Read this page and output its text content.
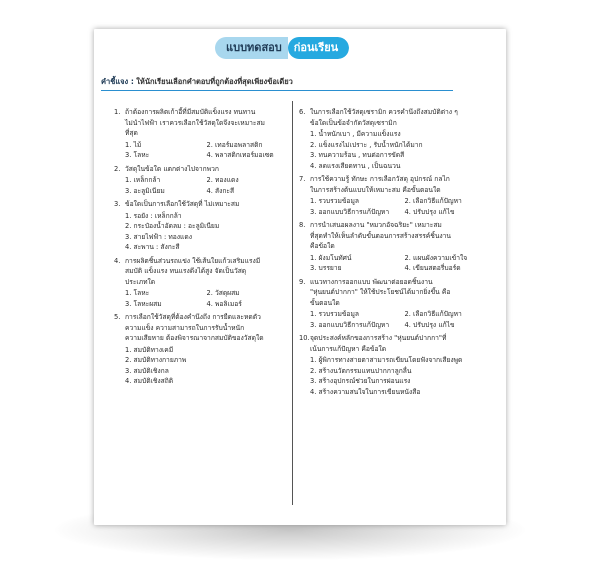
แบบทดสอบ	ก่อนเรียน
คำชี้แจง : ให้นักเรียนเลือกคำตอบที่ถูกต้องที่สุดเพียงข้อเดียว
1. ถ้าต้องการผลิตเก้าอี้ที่มีสมบัติแข็งแรง ทนทาน
ไม่นำไฟฟ้า เราควรเลือกใช้วัสดุใดจึงจะเหมาะสม
ที่สุด
1. ไม้	2. เทอร์มอพลาสติก
3. โลหะ	4. พลาสติกเทอร์มอเซต
2. วัสดุในข้อใด แตกต่างไปจากพวก
1. เหล็กกล้า	2. ทองแดง
3. อะลูมิเนียม	4. สังกะสี
3. ข้อใดเป็นการเลือกใช้วัสดุที่ ไม่เหมาะสม
1. รอยัง : เหล็กกล้า
2. กระป๋องน้ำอัดลม : อะลูมิเนียม
3. สายไฟฟ้า : ทองแดง
4. สะพาน : สังกะสี
4. การผลิตชิ้นส่วนรถแข่ง ใช้เส้นใยแก้วเสริมแรงมี
สมบัติ แข็งแรง ทนแรงดึงได้สูง จัดเป็นวัสดุ
ประเภทใด
1. โลหะ	2. วัสดุผสม
3. โลหะผสม	4. พอลิเมอร์
5. การเลือกใช้วัสดุที่ต้องคำนึงถึง การยืดและหดตัว
ความแข็ง ความสามารถในการรับน้ำหนัก
ความเสียหาย ต้องพิจารณาจากสมบัติของวัสดุใด
1. สมบัติทางเคมี
2. สมบัติทางกายภาพ
3. สมบัติเชิงกล
4. สมบัติเชิงสถิติ
6. ในการเลือกใช้วัสดุเซรามิก ควรคำนึงถึงสมบัติต่าง ๆ
ข้อใดเป็นข้อจำกัดวัสดุเซรามิก
1. น้ำหนักเบา , มีความแข็งแรง
2. แข็งแรงไม่เปราะ , รับน้ำหนักได้มาก
3. ทนความร้อน , ทนต่อการขัดสี
4. ลดแรงเสียดทาน , เป็นฉนวน
7. การใช้ความรู้ ทักษะ การเลือกวัสดุ อุปกรณ์ กลไก
ในการสร้างต้นแบบให้เหมาะสม คือขั้นตอนใด
1. รวบรวมข้อมูล	2. เลือกวิธีแก้ปัญหา
3. ออกแบบวิธีการแก้ปัญหา	4. ปรับปรุง แก้ไข
8. การนำเสนอผลงาน "หมวกอัจฉริยะ" เหมาะสม
ที่สุดทำให้เห็นลำดับขั้นตอนการสร้างสรรค์ชิ้นงาน
คือข้อใด
1. ผังมโนทัศน์	2. แผนผังความเข้าใจ
3. บรรยาย	4. เขียนสตอรี่บอร์ด
9. แนวทางการออกแบบ พัฒนาต่อยอดชิ้นงาน
"หุ่นยนต์ปากกา" ให้ใช้ประโยชน์ได้มากยิ่งขึ้น คือ
ขั้นตอนใด
1. รวบรวมข้อมูล	2. เลือกวิธีแก้ปัญหา
3. ออกแบบวิธีการแก้ปัญหา	4. ปรับปรุง แก้ไข
10. จุดประสงค์หลักของการสร้าง "หุ่นยนต์ปากกา"ที่
เน้นการแก้ปัญหา คือข้อใด
1. ผู้พิการทางสายตาสามารถเขียนโดยฟังจากเสียงพูด
2. สร้างนวัตกรรมแทนปากกาลูกลื่น
3. สร้างอุปกรณ์ช่วยในการผ่อนแรง
4. สร้างความสนใจในการเขียนหนังสือ
